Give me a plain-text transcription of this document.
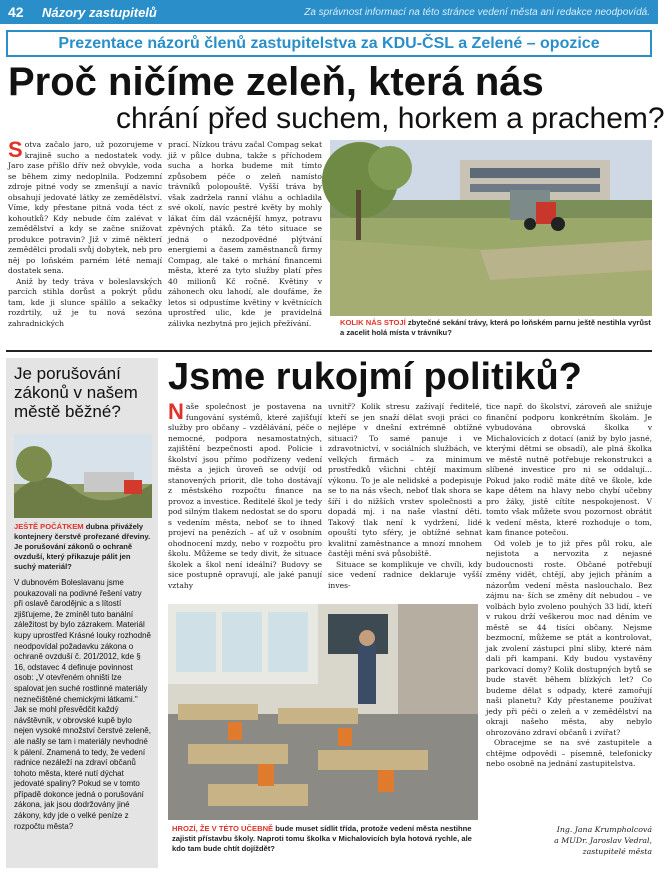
42	Názory zastupitelů	Za správnost informací na této stránce vedení města ani redakce neodpovídá.
Prezentace názorů členů zastupitelstva za KDU-ČSL a Zelené – opozice
Proč ničíme zeleň, která nás
chrání před suchem, horkem a prachem?
S otva začalo jaro, už pozorujeme v krajině sucho a nedostatek vody. Jaro zase přišlo dřív než obvykle, voda se během zimy nedoplnila. Podzemní zdroje pitné vody se zmenšují a navíc obsahují jedovaté látky ze zemědělství. Víme, kdy přestane pitná voda téct z kohoutků? Kdy nebude čím zalévat v zemědělství a kdy se začne snižovat produkce potravin? Již v zimě některí zemědělci prodali svůj dobytek, neb pro něj po loňském parném létě nemají dostatek sena.

Aniž by tedy tráva v boleslavských parcích stihla dorůst a pokrýt půdu tam, kde ji slunce spálilo a sekačky rozdrtily, už je tu nová sezóna zahradnických

prací. Nízkou trávu začal Compag sekat již v půlce dubna, takže s příchodem sucha a horka budeme mít tímto způsobem péče o zeleň namísto trávníků polopouště. Vyšší tráva by však zadržela ranní vláhu a ochladila své okolí, navíc pestré květy by mohly lákat čím dál vzácnější hmyz, potravu zpěvných ptáků. Za této situace se jedná o nezodpovědné plýtvání energiemi a časem zaměstnanců firmy Compag, ale také o mrhání financemi města, které za tyto služby platí přes 40 milionů Kč ročně. Květiny v záhonech oku lahodí, ale doufáme, že letos si odpustíme květiny v květnících uprostřed ulic, kde je pravidelná zálivka nezbytná pro jejich přežívání.	KOLIK NÁS STOJÍ zbytečné sekání trávy, která po loňském parnu ještě nestihla vyrůst a zacelit holá místa v trávníku?
Je porušování zákonů v našem městě běžné?
JEŠTĚ POČÁTKEM dubna přivážely kontejnery čerstvě prořezané dřeviny. Je porušování zákonů o ochraně ovzduší, který přikazuje pálit jen suchý materiál?
V dubnovém Boleslavanu jsme poukazovali na podivné řešení vatry při oslavě čarodějnic a s lítostí zjišťujeme, že zmíněl tuto banální záležitost by bylo zázrakem. Materiál kupy uprostřed Krásné louky rozhodně neodpovídal požadavku zákona o ochraně ovzduší č. 201/2012, kde § 16, odstavec 4 definuje povinnost osob: „V otevřeném ohništi lze spalovat jen suché rostlinné materiály neznečištěné chemickými látkami." Jak se mohl přesvědčit každý návštěvník, v obrovské kupě bylo nejen vysoké množství čerstvé zeleně, ale našly se tam i materiály nevhodné k pálení. Znamená to tedy, že vedení radnice nezáleží na zdraví občanů tohoto města, které nutí dýchat jedovaté spaliny? Pokud se v tomto případě dokonce jedná o porušování zákona, jak jsou dodržovány jiné zákony, kdy jde o velké peníze z rozpočtu města?
Jsme rukojmí politiků?
N aše společnost je postavena na fungování systémů, které zajišťují služby pro občany – vzdělávání, péče o nemocné, podpora nesamostatných, zajištění bezpečnosti apod. Policie i školství jsou přímo podřízeny vedení města a jejich úroveň se odvíjí od stanovených priorit, dle toho dostávají z městského rozpočtu finance na provoz a investice. Ředitelé škol je tedy pod silným tlakem nedostat se do sporu s vedením města, neboť se to ihned projeví na penězích – ať už v osobním ohodnocení mzdy, nebo v rozpočtu pro školu. Můžeme se tedy divit, že situace školek a škol není ideální? Budovy se sice postupně opravují, ale jaké panují vztahy

uvnitř? Kolik stresu zažívají ředitelé, kteří se jen snaží dělat svoji práci co nejlépe v dnešní extrémně obtížné situaci? To samé panuje i ve zdravotnictví, v sociálních službách, ve velkých firmách – za minimum prostředků všichni chtějí maximum výkonu. To je ale nelidské a podepisuje se to na nás všech, neboť tlak shora se šíří i do nižších vrstev společnosti a dopadá mj. i na naše vlastní děti. Takový tlak není k vydržení, lidé opouští tyto sféry, je obtížné sehnat kvalitní zaměstnance a mnozí mnohem častěji mění svá působiště.

Situace se komplikuje ve chvíli, kdy sice vedení radnice deklaruje vyšší inves-

tice např. do školství, zároveň ale snižuje finanční podporu konkrétním školám. Je vybudována obrovská školka v Michalovicích z dotací (aniž by bylo jasné, kterými dětmi se obsadí), ale plná školka ve městě nutně potřebuje rekonstrukci a slíbené investice pro ni se oddalují... Pokud jako rodič máte dítě ve škole, kde kape dětem na hlavy nebo chybí učebny pro žáky, jistě cítíte nespokojenost. V tomto však můžete svou pozornost obrátit k vedení města, které rozhoduje o tom, kam finance potečou.

Od voleb je to již přes půl roku, ale nejistota a nervozita z nejasné budoucnosti roste. Občané potřebují změny vidět, chtějí, aby jejich přáním a názorům vedení města naslouchalo. Bez zájmu na- ších se změny dít nebudou – ve volbách bylo zvoleno pouhých 33 lidí, kteří v rukou drží veškerou moc nad děním ve městě se 44 tisíci občany. Nejsme bezmocní, můžeme se ptát a kontrolovat, jak zvolení zástupci plní sliby, které nám dali při kampani. Kdy budou vystavěny parkovací domy? Kolik dostupných bytů se bude stavět během blízkých let? Co budeme dělat s odpady, které zamořují naši planetu? Kdy přestaneme používat jedy při péči o zeleň a v zemědělství na okraji našeho města, aby nebylo ohrozováno zdraví občanů i zvířat?

Obracejme se na své zastupitele a chtějme odpovědi – písemně, telefonicky nebo osobně na jednání zastupitelstva.

HROZÍ, ŽE V TÉTO UČEBNĚ bude muset sídlit třída, protože vedení města nestihne zajistit přístavbu školy. Naproti tomu školka v Michalovicích byla hotová rychle, ale kdo tam bude chtít dojíždět?
Ing. Jana Krumpholcová
a MUDr. Jaroslav Vedral,
zastupitelé města
